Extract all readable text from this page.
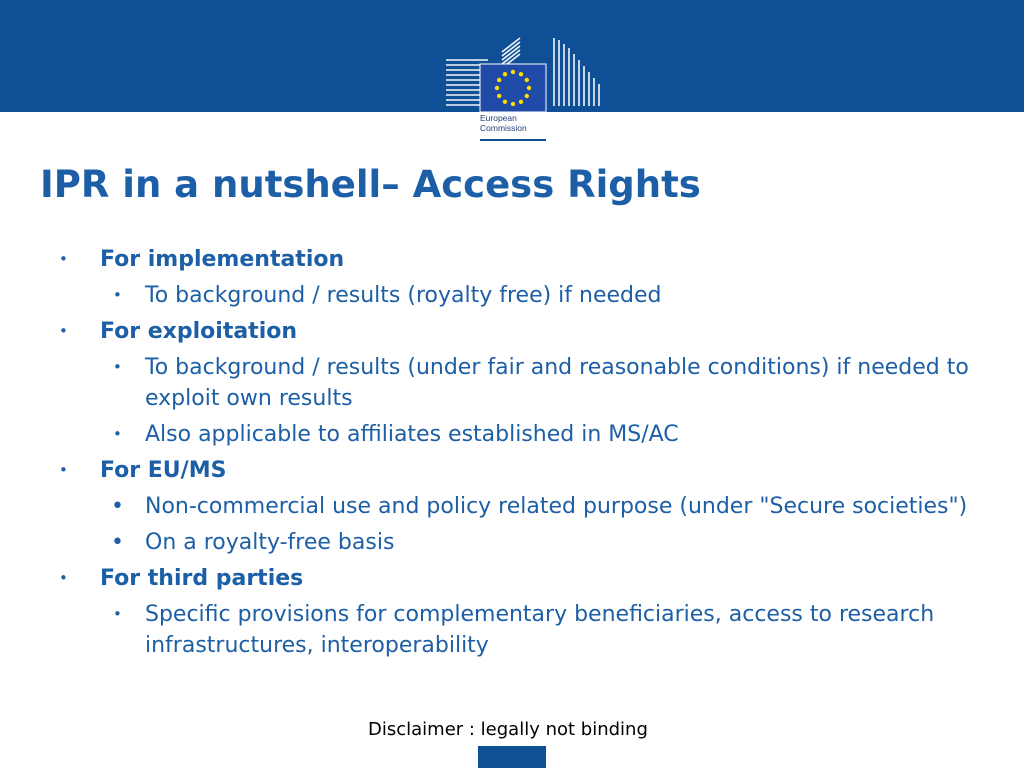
European
Commission
IPR in a nutshell– Access Rights
• For implementation
• To background / results (royalty free) if needed
• For exploitation
• To background / results (under fair and reasonable conditions) if needed to exploit own results
• Also applicable to affiliates established in MS/AC
• For EU/MS
• Non-commercial use and policy related purpose (under "Secure societies")
• On a royalty-free basis
• For third parties
• Specific provisions for complementary beneficiaries, access to research infrastructures, interoperability
Disclaimer : legally not binding
